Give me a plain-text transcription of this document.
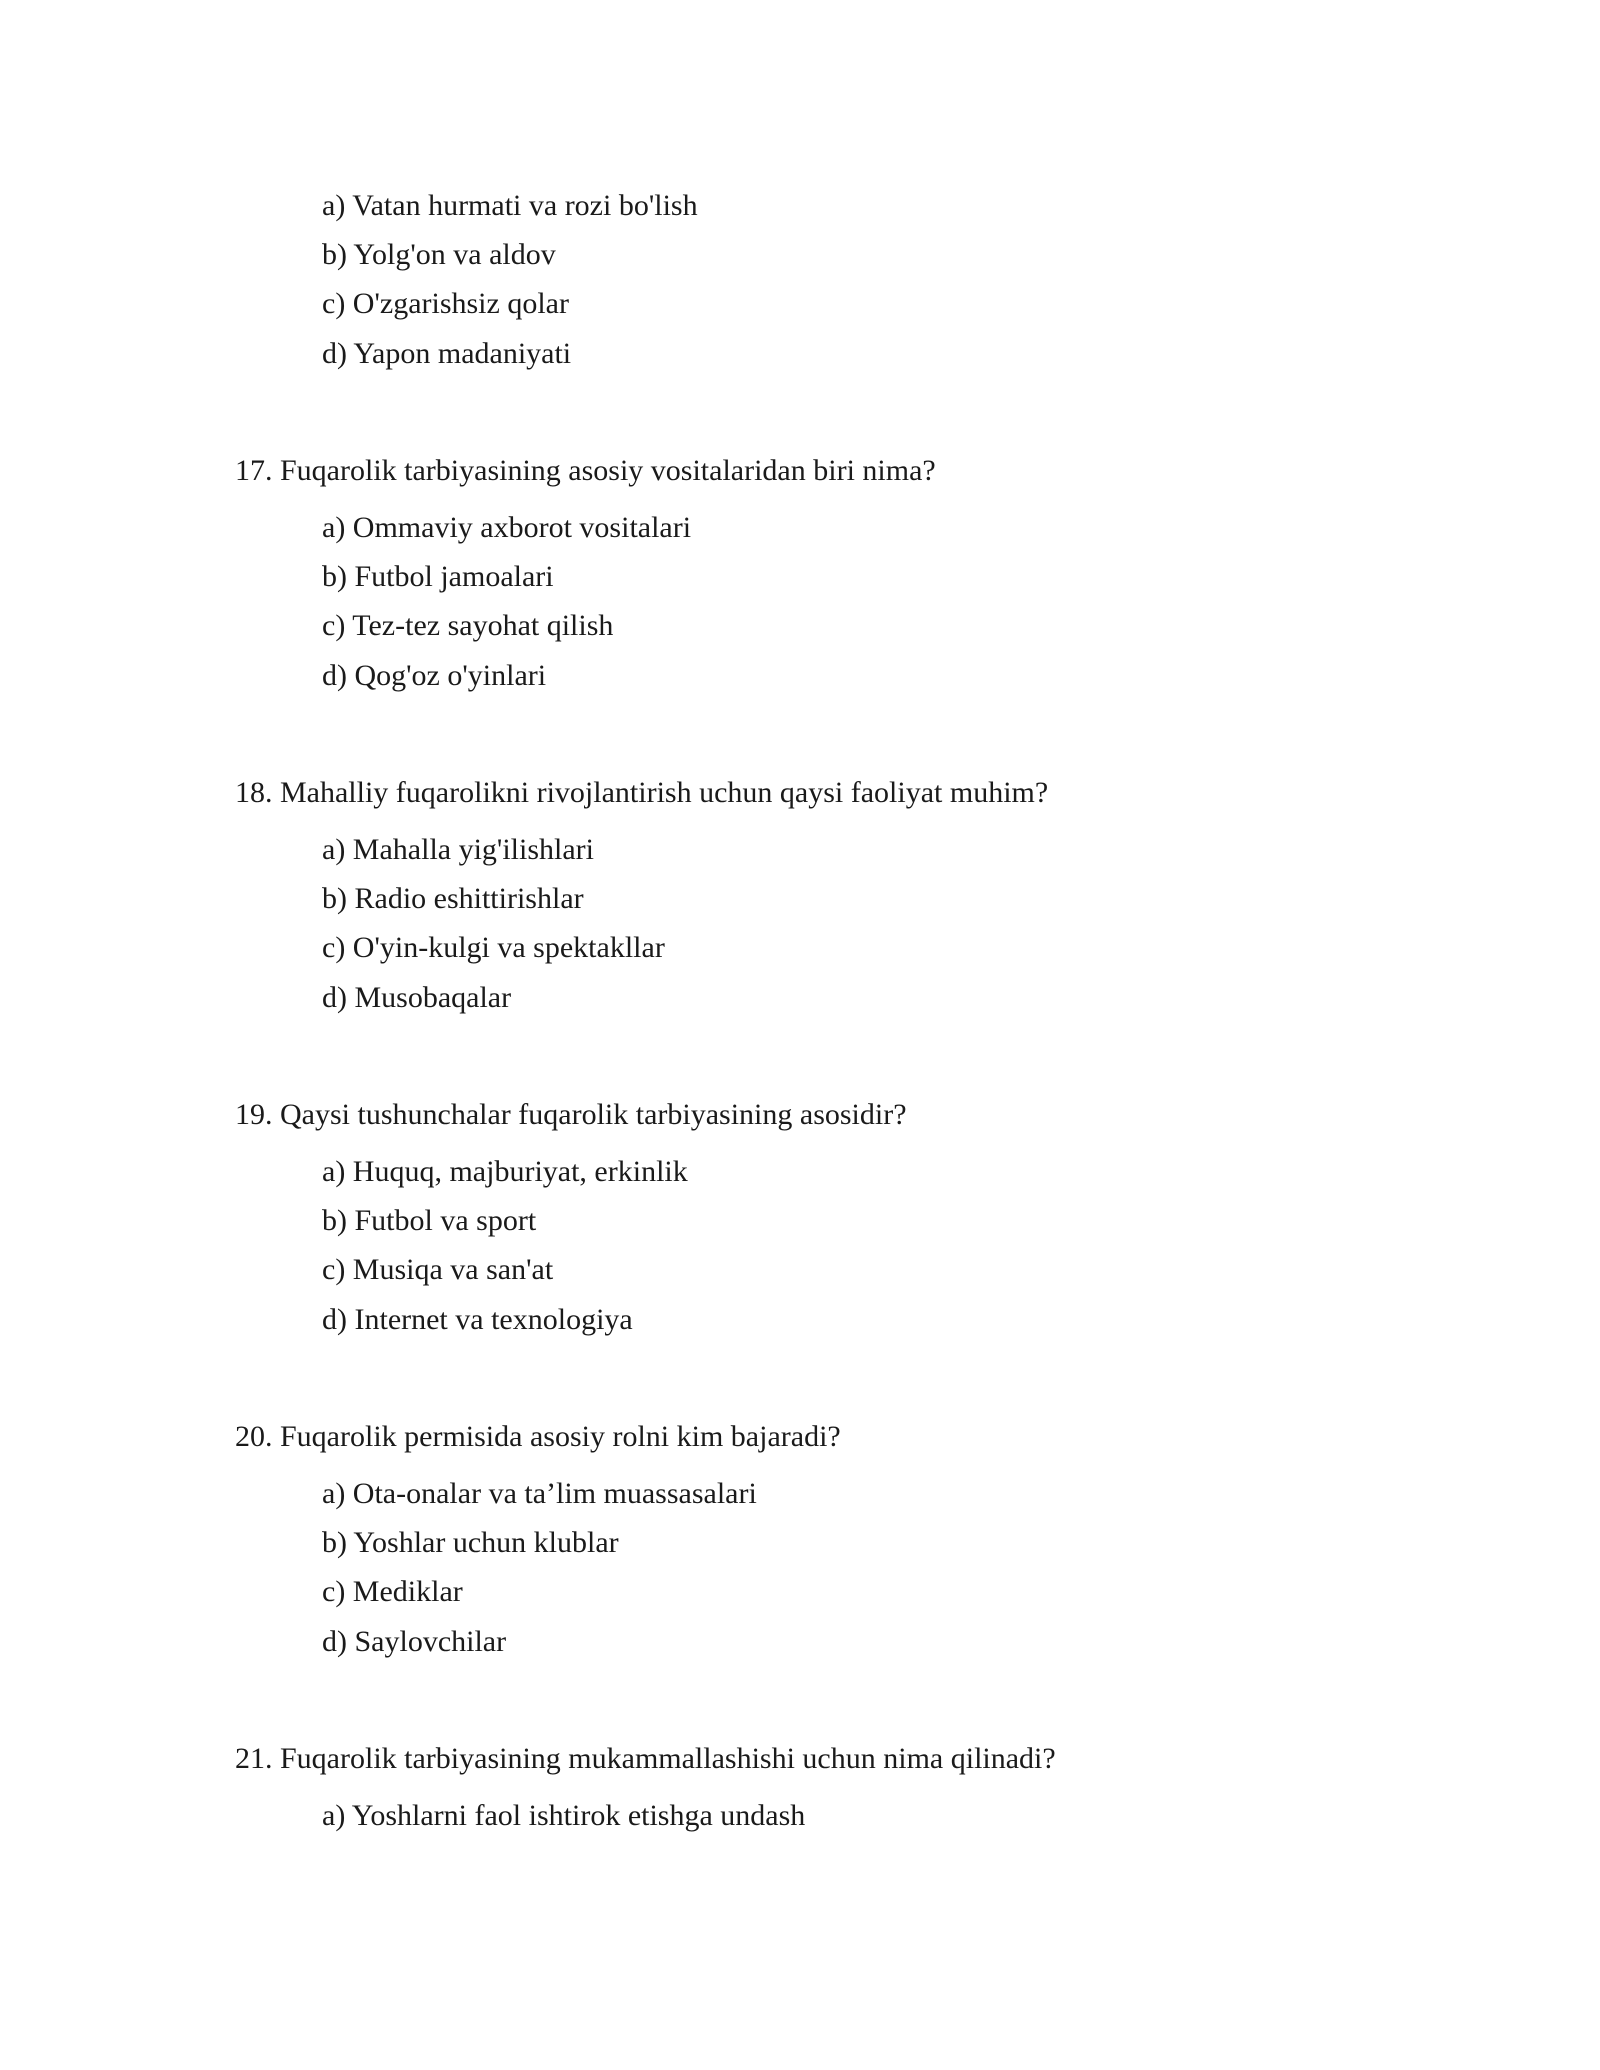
a) Vatan hurmati va rozi bo'lish
b) Yolg'on va aldov
c) O'zgarishsiz qolar
d) Yapon madaniyati
17. Fuqarolik tarbiyasining asosiy vositalaridan biri nima?
a) Ommaviy axborot vositalari
b) Futbol jamoalari
c) Tez-tez sayohat qilish
d) Qog'oz o'yinlari
18. Mahalliy fuqarolikni rivojlantirish uchun qaysi faoliyat muhim?
a) Mahalla yig'ilishlari
b) Radio eshittirishlar
c) O'yin-kulgi va spektakllar
d) Musobaqalar
19. Qaysi tushunchalar fuqarolik tarbiyasining asosidir?
a) Huquq, majburiyat, erkinlik
b) Futbol va sport
c) Musiqa va san'at
d) Internet va texnologiya
20. Fuqarolik permisida asosiy rolni kim bajaradi?
a) Ota-onalar va ta’lim muassasalari
b) Yoshlar uchun klublar
c) Mediklar
d) Saylovchilar
21. Fuqarolik tarbiyasining mukammallashishi uchun nima qilinadi?
a) Yoshlarni faol ishtirok etishga undash
